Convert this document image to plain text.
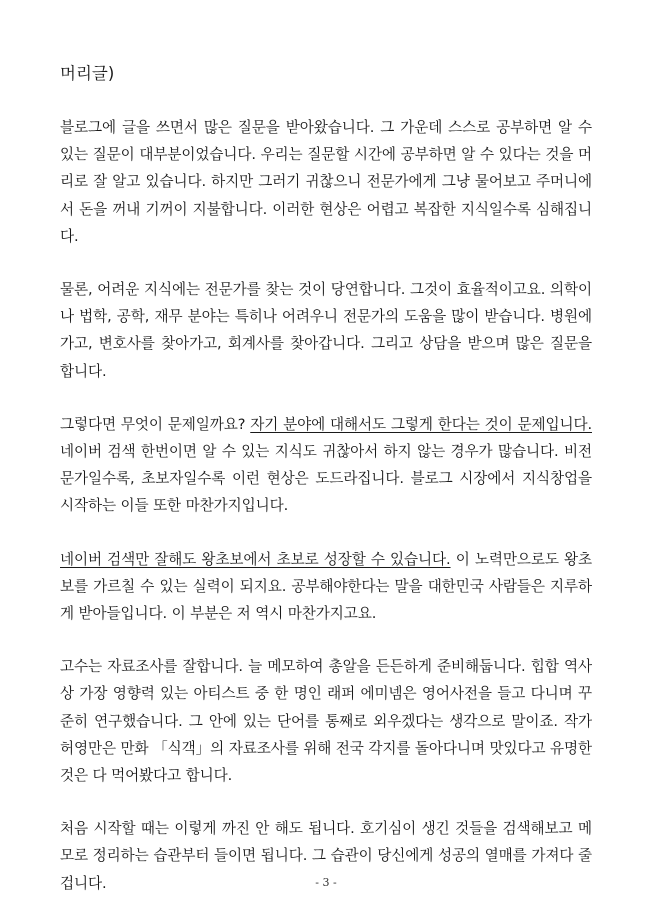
머리글)

블로그에 글을 쓰면서 많은 질문을 받아왔습니다. 그 가운데 스스로 공부하면 알 수 있는 질문이 대부분이었습니다. 우리는 질문할 시간에 공부하면 알 수 있다는 것을 머리로 잘 알고 있습니다. 하지만 그러기 귀찮으니 전문가에게 그냥 물어보고 주머니에서 돈을 꺼내 기꺼이 지불합니다. 이러한 현상은 어렵고 복잡한 지식일수록 심해집니다.

물론, 어려운 지식에는 전문가를 찾는 것이 당연합니다. 그것이 효율적이고요. 의학이나 법학, 공학, 재무 분야는 특히나 어려우니 전문가의 도움을 많이 받습니다. 병원에 가고, 변호사를 찾아가고, 회계사를 찾아갑니다. 그리고 상담을 받으며 많은 질문을 합니다.

그렇다면 무엇이 문제일까요? 자기 분야에 대해서도 그렇게 한다는 것이 문제입니다. 네이버 검색 한번이면 알 수 있는 지식도 귀찮아서 하지 않는 경우가 많습니다. 비전문가일수록, 초보자일수록 이런 현상은 도드라집니다. 블로그 시장에서 지식창업을 시작하는 이들 또한 마찬가지입니다.

네이버 검색만 잘해도 왕초보에서 초보로 성장할 수 있습니다. 이 노력만으로도 왕초보를 가르칠 수 있는 실력이 되지요. 공부해야한다는 말을 대한민국 사람들은 지루하게 받아들입니다. 이 부분은 저 역시 마찬가지고요.

고수는 자료조사를 잘합니다. 늘 메모하여 총알을 든든하게 준비해둡니다. 힙합 역사상 가장 영향력 있는 아티스트 중 한 명인 래퍼 에미넴은 영어사전을 들고 다니며 꾸준히 연구했습니다. 그 안에 있는 단어를 통째로 외우겠다는 생각으로 말이죠. 작가 허영만은 만화 「식객」의 자료조사를 위해 전국 각지를 돌아다니며 맛있다고 유명한 것은 다 먹어봤다고 합니다.

처음 시작할 때는 이렇게 까진 안 해도 됩니다. 호기심이 생긴 것들을 검색해보고 메모로 정리하는 습관부터 들이면 됩니다. 그 습관이 당신에게 성공의 열매를 가져다 줄 겁니다.	- 3 -
